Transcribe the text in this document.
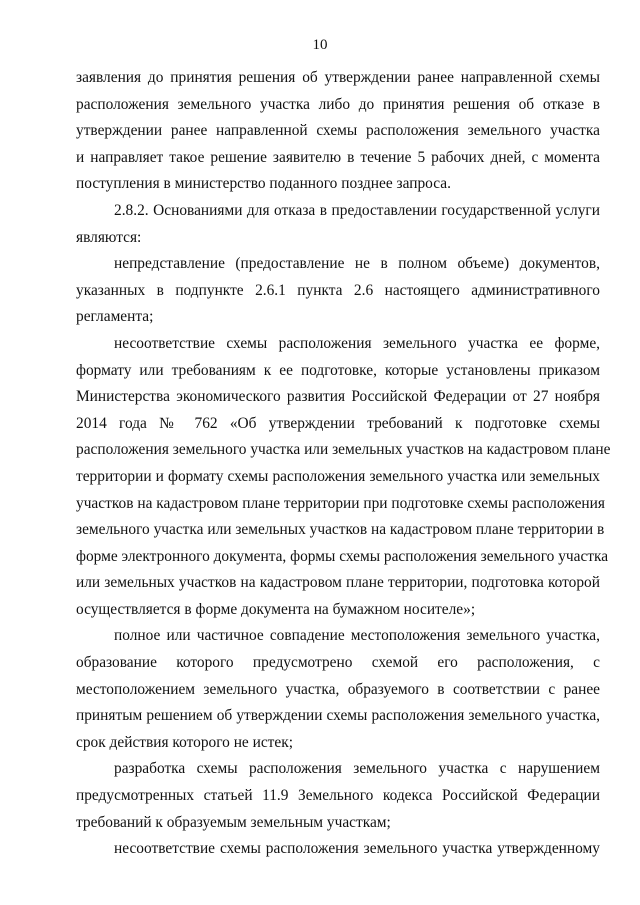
10
заявления до принятия решения об утверждении ранее направленной схемы
расположения земельного участка либо до принятия решения об отказе в
утверждении ранее направленной схемы расположения земельного участка
и направляет такое решение заявителю в течение 5 рабочих дней, с момента
поступления в министерство поданного позднее запроса.
2.8.2. Основаниями для отказа в предоставлении государственной услуги
являются:
непредставление (предоставление не в полном объеме) документов,
указанных в подпункте 2.6.1 пункта 2.6 настоящего административного
регламента;
несоответствие схемы расположения земельного участка ее форме,
формату или требованиям к ее подготовке, которые установлены приказом
Министерства экономического развития Российской Федерации от 27 ноября
2014 года № 762 «Об утверждении требований к подготовке схемы
расположения земельного участка или земельных участков на кадастровом плане
территории и формату схемы расположения земельного участка или земельных
участков на кадастровом плане территории при подготовке схемы расположения
земельного участка или земельных участков на кадастровом плане территории в
форме электронного документа, формы схемы расположения земельного участка
или земельных участков на кадастровом плане территории, подготовка которой
осуществляется в форме документа на бумажном носителе»;
полное или частичное совпадение местоположения земельного участка,
образование которого предусмотрено схемой его расположения, с
местоположением земельного участка, образуемого в соответствии с ранее
принятым решением об утверждении схемы расположения земельного участка,
срок действия которого не истек;
разработка схемы расположения земельного участка с нарушением
предусмотренных статьей 11.9 Земельного кодекса Российской Федерации
требований к образуемым земельным участкам;
несоответствие схемы расположения земельного участка утвержденному
